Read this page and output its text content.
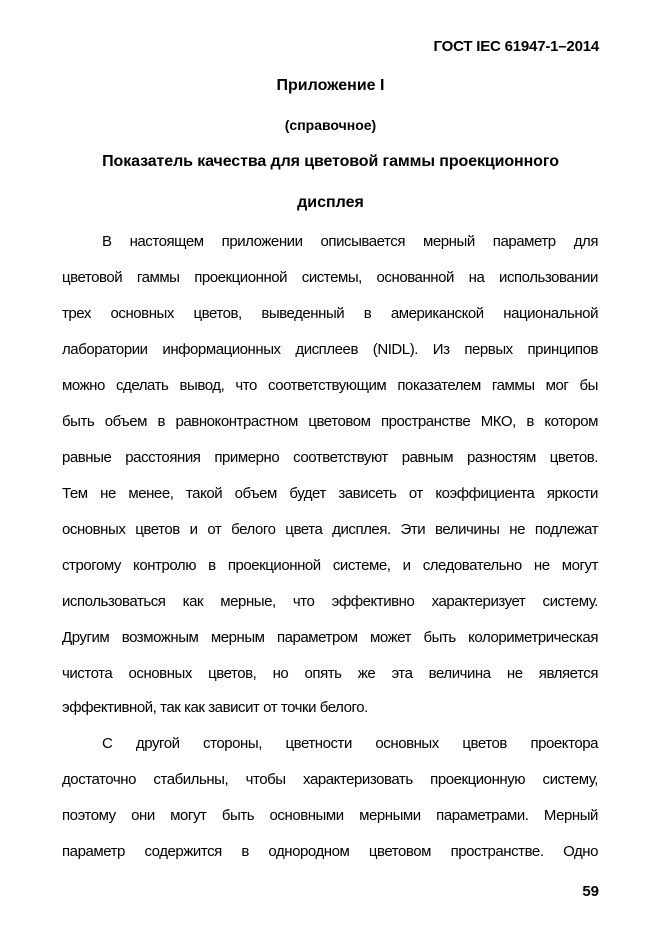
ГОСТ IEC 61947-1–2014
Приложение I
(справочное)
Показатель качества для цветовой гаммы проекционного
дисплея
В настоящем приложении описывается мерный параметр для
цветовой гаммы проекционной системы, основанной на использовании
трех основных цветов, выведенный в американской национальной
лаборатории информационных дисплеев (NIDL). Из первых принципов
можно сделать вывод, что соответствующим показателем гаммы мог бы
быть объем в равноконтрастном цветовом пространстве МКО, в котором
равные расстояния примерно соответствуют равным разностям цветов.
Тем не менее, такой объем будет зависеть от коэффициента яркости
основных цветов и от белого цвета дисплея. Эти величины не подлежат
строгому контролю в проекционной системе, и следовательно не могут
использоваться как мерные, что эффективно характеризует систему.
Другим возможным мерным параметром может быть колориметрическая
чистота основных цветов, но опять же эта величина не является
эффективной, так как зависит от точки белого.
С другой стороны, цветности основных цветов проектора
достаточно стабильны, чтобы характеризовать проекционную систему,
поэтому они могут быть основными мерными параметрами. Мерный
параметр содержится в однородном цветовом пространстве. Одно
59
